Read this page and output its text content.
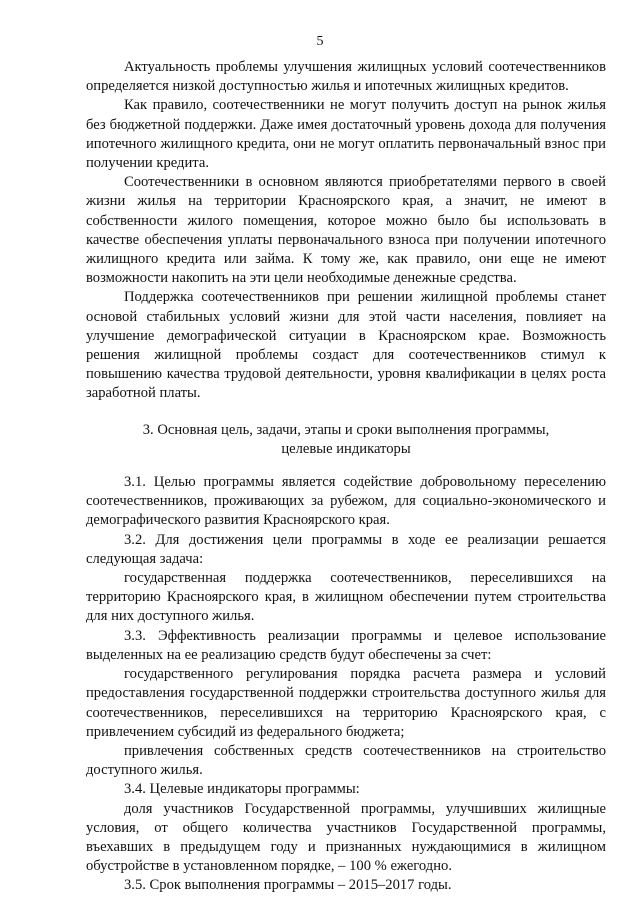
5

Актуальность проблемы улучшения жилищных условий соотечественников определяется низкой доступностью жилья и ипотечных жилищных кредитов.

Как правило, соотечественники не могут получить доступ на рынок жилья без бюджетной поддержки. Даже имея достаточный уровень дохода для получения ипотечного жилищного кредита, они не могут оплатить первоначальный взнос при получении кредита.

Соотечественники в основном являются приобретателями первого в своей жизни жилья на территории Красноярского края, а значит, не имеют в собственности жилого помещения, которое можно было бы использовать в качестве обеспечения уплаты первоначального взноса при получении ипотечного жилищного кредита или займа. К тому же, как правило, они еще не имеют возможности накопить на эти цели необходимые денежные средства.

Поддержка соотечественников при решении жилищной проблемы станет основой стабильных условий жизни для этой части населения, повлияет на улучшение демографической ситуации в Красноярском крае. Возможность решения жилищной проблемы создаст для соотечественников стимул к повышению качества трудовой деятельности, уровня квалификации в целях роста заработной платы.

3. Основная цель, задачи, этапы и сроки выполнения программы,
целевые индикаторы

3.1. Целью программы является содействие добровольному переселению соотечественников, проживающих за рубежом, для социально-экономического и демографического развития Красноярского края.

3.2. Для достижения цели программы в ходе ее реализации решается следующая задача:

государственная поддержка соотечественников, переселившихся на территорию Красноярского края, в жилищном обеспечении путем строительства для них доступного жилья.

3.3. Эффективность реализации программы и целевое использование выделенных на ее реализацию средств будут обеспечены за счет:

государственного регулирования порядка расчета размера и условий предоставления государственной поддержки строительства доступного жилья для соотечественников, переселившихся на территорию Красноярского края, с привлечением субсидий из федерального бюджета;

привлечения собственных средств соотечественников на строительство доступного жилья.

3.4. Целевые индикаторы программы:

доля участников Государственной программы, улучшивших жилищные условия, от общего количества участников Государственной программы, въехавших в предыдущем году и признанных нуждающимися в жилищном обустройстве в установленном порядке, – 100 % ежегодно.

3.5. Срок выполнения программы – 2015–2017 годы.
